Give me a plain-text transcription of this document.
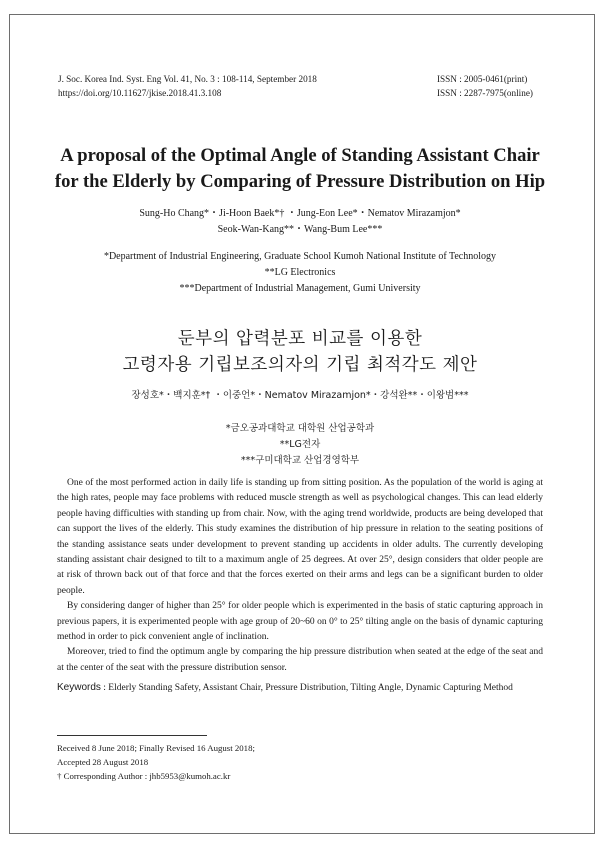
J. Soc. Korea Ind. Syst. Eng Vol. 41, No. 3 : 108-114, September 2018
https://doi.org/10.11627/jkise.2018.41.3.108
ISSN : 2005-0461(print)
ISSN : 2287-7975(online)
A proposal of the Optimal Angle of Standing Assistant Chair
for the Elderly by Comparing of Pressure Distribution on Hip
Sung-Ho Chang*・Ji-Hoon Baek*† ・Jung-Eon Lee*・Nematov Mirazamjon*
Seok-Wan-Kang**・Wang-Bum Lee***
*Department of Industrial Engineering, Graduate School Kumoh National Institute of Technology
**LG Electronics
***Department of Industrial Management, Gumi University
둔부의 압력분포 비교를 이용한
고령자용 기립보조의자의 기립 최적각도 제안
장성호*・백지훈*† ・이중언*・Nematov Mirazamjon*・강석완**・이왕범***
*금오공과대학교 대학원 산업공학과
**LG전자
***구미대학교 산업경영학부

One of the most performed action in daily life is standing up from sitting position. As the population of the world is aging at the high rates, people may face problems with reduced muscle strength as well as psychological changes. This can lead elderly people having difficulties with standing up from chair. Now, with the aging trend worldwide, products are being developed that can support the lives of the elderly. This study examines the distribution of hip pressure in relation to the seating positions of the standing assistance seats under development to prevent standing up accidents in older adults. The currently developing standing assistant chair designed to tilt to a maximum angle of 25 degrees. At over 25°, design considers that older people are at risk of thrown back out of that force and that the forces exerted on their arms and legs can be a significant burden to older people.

By considering danger of higher than 25° for older people which is experimented in the basis of static capturing approach in previous papers, it is experimented people with age group of 20~60 on 0° to 25° tilting angle on the basis of dynamic capturing method in order to pick convenient angle of inclination.

Moreover, tried to find the optimum angle by comparing the hip pressure distribution when seated at the edge of the seat and at the center of the seat with the pressure distribution sensor.

Keywords : Elderly Standing Safety, Assistant Chair, Pressure Distribution, Tilting Angle, Dynamic Capturing Method
Received 8 June 2018; Finally Revised 16 August 2018;
Accepted 28 August 2018
† Corresponding Author : jhb5953@kumoh.ac.kr
